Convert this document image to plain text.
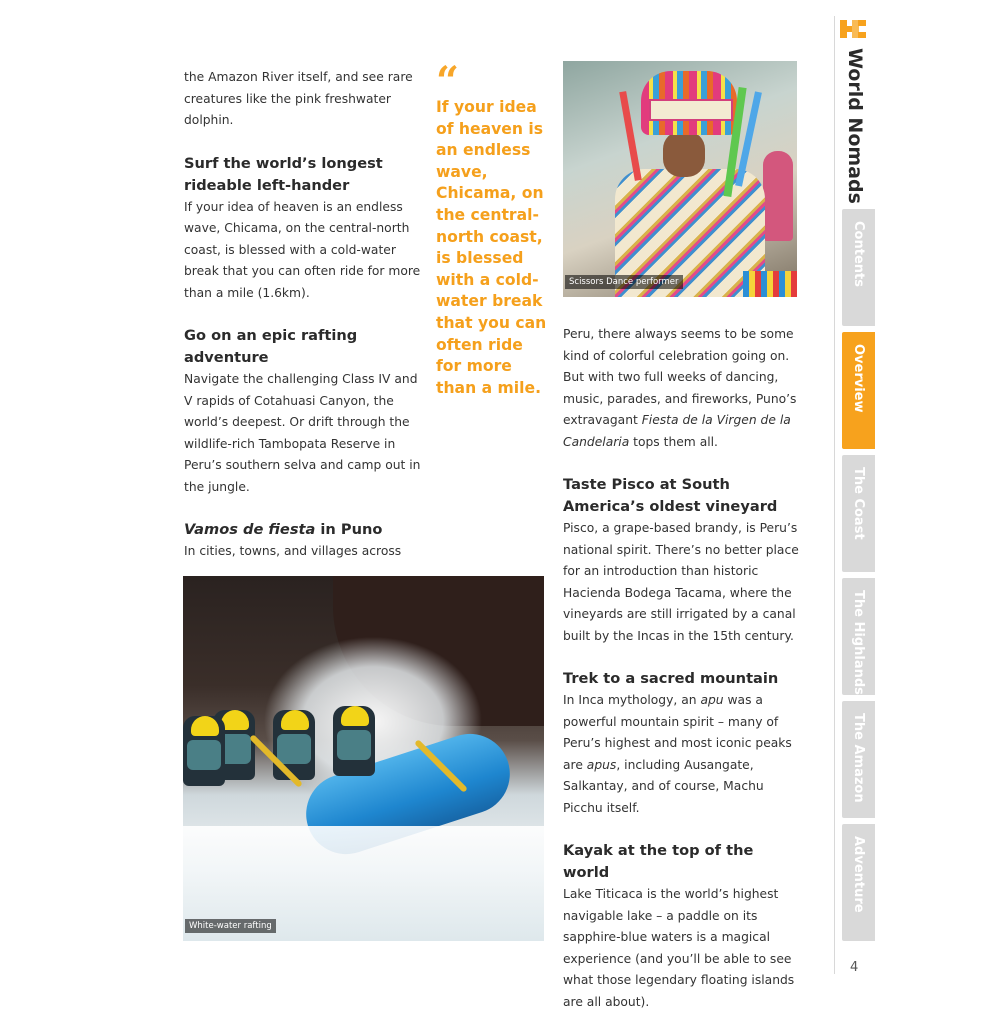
the Amazon River itself, and see rare creatures like the pink freshwater dolphin.

Surf the world’s longest rideable left-hander

If your idea of heaven is an endless wave, Chicama, on the central-north coast, is blessed with a cold-water break that you can often ride for more than a mile (1.6km).

Go on an epic rafting adventure

Navigate the challenging Class IV and V rapids of Cotahuasi Canyon, the world’s deepest. Or drift through the wildlife-rich Tambopata Reserve in Peru’s southern selva and camp out in the jungle.

Vamos de fiesta in Puno

In cities, towns, and villages across

“

If your idea of heaven is an endless wave, Chicama, on the central-north coast, is blessed with a cold-water break that you can often ride for more than a mile.

Scissors Dance performer

Peru, there always seems to be some kind of colorful celebration going on. But with two full weeks of dancing, music, parades, and fireworks, Puno’s extravagant Fiesta de la Virgen de la Candelaria tops them all.

Taste Pisco at South America’s oldest vineyard

Pisco, a grape-based brandy, is Peru’s national spirit. There’s no better place for an introduction than historic Hacienda Bodega Tacama, where the vineyards are still irrigated by a canal built by the Incas in the 15th century.

Trek to a sacred mountain

In Inca mythology, an apu was a powerful mountain spirit – many of Peru’s highest and most iconic peaks are apus, including Ausangate, Salkantay, and of course, Machu Picchu itself.

Kayak at the top of the world

Lake Titicaca is the world’s highest navigable lake – a paddle on its sapphire-blue waters is a magical experience (and you’ll be able to see what those legendary floating islands are all about).

White-water rafting
World Nomads
Contents
Overview
The Coast
The Highlands
The Amazon
Adventure
4
